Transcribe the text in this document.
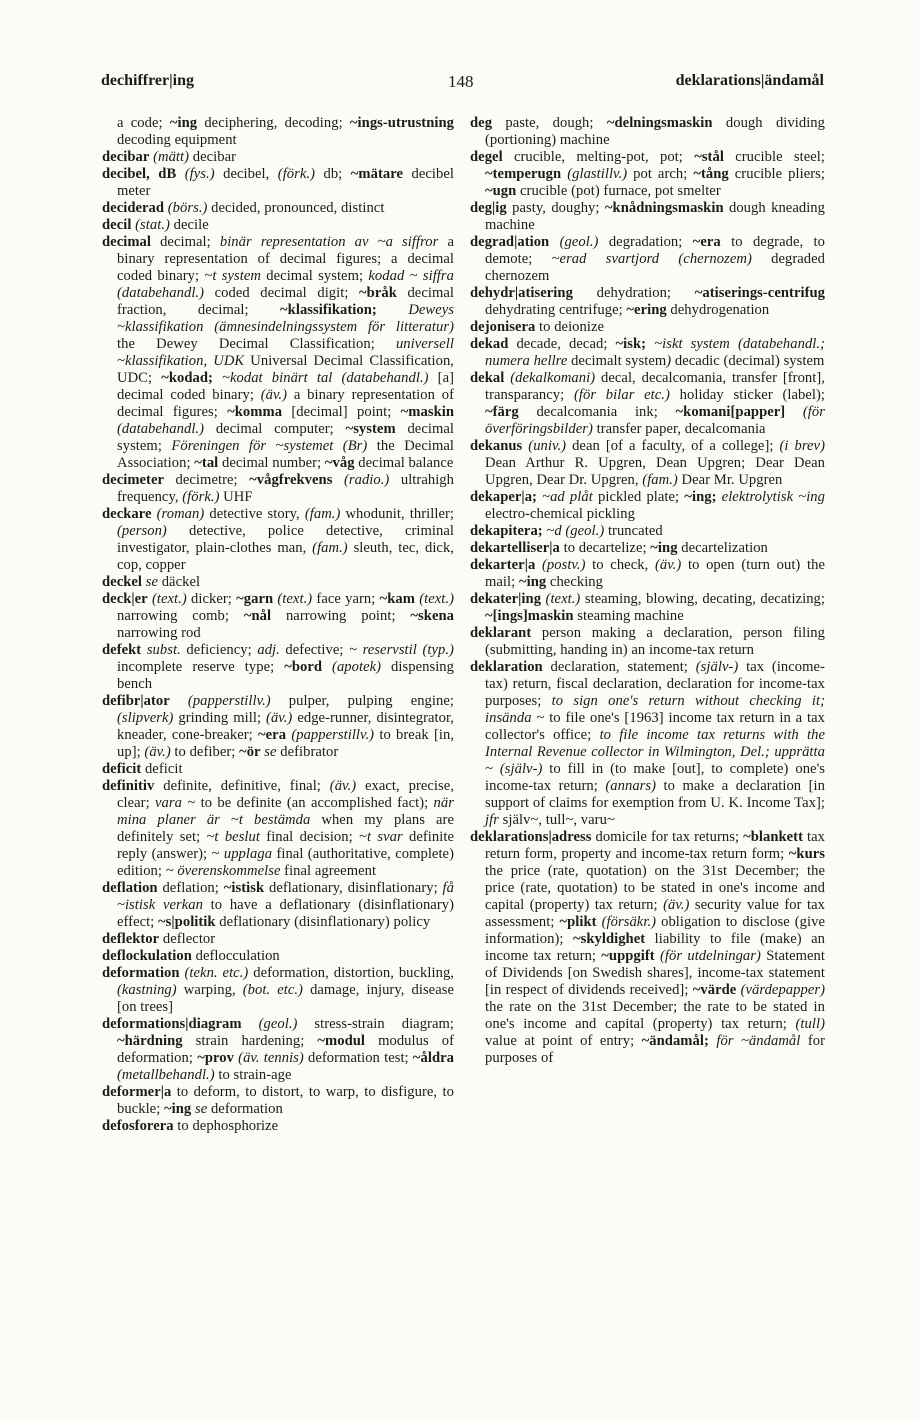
dechiffrer|ing	148	deklarations|ändamål

a code; ~ing deciphering, decoding; ~ings-utrustning decoding equipment

decibar (mätt) decibar

decibel, dB (fys.) decibel, (förk.) db; ~mätare decibel meter

deciderad (börs.) decided, pronounced, distinct

decil (stat.) decile

decimal decimal; binär representation av ~a siffror a binary representation of decimal figures; a decimal coded binary; ~t system decimal system; kodad ~ siffra (databehandl.) coded decimal digit; ~bråk decimal fraction, decimal; ~klassifikation; Deweys ~klassifikation (ämnesindelningssystem för litteratur) the Dewey Decimal Classification; universell ~klassifikation, UDK Universal Decimal Classification, UDC; ~kodad; ~kodat binärt tal (databehandl.) [a] decimal coded binary; (äv.) a binary representation of decimal figures; ~komma [decimal] point; ~maskin (databehandl.) decimal computer; ~system decimal system; Föreningen för ~systemet (Br) the Decimal Association; ~tal decimal number; ~våg decimal balance

decimeter decimetre; ~vågfrekvens (radio.) ultrahigh frequency, (förk.) UHF

deckare (roman) detective story, (fam.) whodunit, thriller; (person) detective, police detective, criminal investigator, plain-clothes man, (fam.) sleuth, tec, dick, cop, copper

deckel se däckel

deck|er (text.) dicker; ~garn (text.) face yarn; ~kam (text.) narrowing comb; ~nål narrowing point; ~skena narrowing rod

defekt subst. deficiency; adj. defective; ~ reservstil (typ.) incomplete reserve type; ~bord (apotek) dispensing bench

defibr|ator (papperstillv.) pulper, pulping engine; (slipverk) grinding mill; (äv.) edge-runner, disintegrator, kneader, cone-breaker; ~era (papperstillv.) to break [in, up]; (äv.) to defiber; ~ör se defibrator

deficit deficit

definitiv definite, definitive, final; (äv.) exact, precise, clear; vara ~ to be definite (an accomplished fact); när mina planer är ~t bestämda when my plans are definitely set; ~t beslut final decision; ~t svar definite reply (answer); ~ upplaga final (authoritative, complete) edition; ~ överenskommelse final agreement

deflation deflation; ~istisk deflationary, disinflationary; få ~istisk verkan to have a deflationary (disinflationary) effect; ~s|politik deflationary (disinflationary) policy

deflektor deflector

deflockulation deflocculation

deformation (tekn. etc.) deformation, distortion, buckling, (kastning) warping, (bot. etc.) damage, injury, disease [on trees]

deformations|diagram (geol.) stress-strain diagram; ~härdning strain hardening; ~modul modulus of deformation; ~prov (äv. tennis) deformation test; ~åldra (metallbehandl.) to strain-age

deformer|a to deform, to distort, to warp, to disfigure, to buckle; ~ing se deformation

defosforera to dephosphorize

deg paste, dough; ~delningsmaskin dough dividing (portioning) machine

degel crucible, melting-pot, pot; ~stål crucible steel; ~temperugn (glastillv.) pot arch; ~tång crucible pliers; ~ugn crucible (pot) furnace, pot smelter

deg|ig pasty, doughy; ~knådningsmaskin dough kneading machine

degrad|ation (geol.) degradation; ~era to degrade, to demote; ~erad svartjord (chernozem) degraded chernozem

dehydr|atisering dehydration; ~atiserings-centrifug dehydrating centrifuge; ~ering dehydrogenation

dejonisera to deionize

dekad decade, decad; ~isk; ~iskt system (databehandl.; numera hellre decimalt system) decadic (decimal) system

dekal (dekalkomani) decal, decalcomania, transfer [front], transparancy; (för bilar etc.) holiday sticker (label); ~färg decalcomania ink; ~komani[papper] (för överföringsbilder) transfer paper, decalcomania

dekanus (univ.) dean [of a faculty, of a college]; (i brev) Dean Arthur R. Upgren, Dean Upgren; Dear Dean Upgren, Dear Dr. Upgren, (fam.) Dear Mr. Upgren

dekaper|a; ~ad plåt pickled plate; ~ing; elektrolytisk ~ing electro-chemical pickling

dekapitera; ~d (geol.) truncated

dekartelliser|a to decartelize; ~ing decartelization

dekarter|a (postv.) to check, (äv.) to open (turn out) the mail; ~ing checking

dekater|ing (text.) steaming, blowing, decating, decatizing; ~[ings]maskin steaming machine

deklarant person making a declaration, person filing (submitting, handing in) an income-tax return

deklaration declaration, statement; (själv-) tax (income-tax) return, fiscal declaration, declaration for income-tax purposes; to sign one's return without checking it; insända ~ to file one's [1963] income tax return in a tax collector's office; to file income tax returns with the Internal Revenue collector in Wilmington, Del.; upprätta ~ (själv-) to fill in (to make [out], to complete) one's income-tax return; (annars) to make a declaration [in support of claims for exemption from U. K. Income Tax]; jfr själv~, tull~, varu~

deklarations|adress domicile for tax returns; ~blankett tax return form, property and income-tax return form; ~kurs the price (rate, quotation) on the 31st December; the price (rate, quotation) to be stated in one's income and capital (property) tax return; (äv.) security value for tax assessment; ~plikt (försäkr.) obligation to disclose (give information); ~skyldighet liability to file (make) an income tax return; ~uppgift (för utdelningar) Statement of Dividends [on Swedish shares], income-tax statement [in respect of dividends received]; ~värde (värdepapper) the rate on the 31st December; the rate to be stated in one's income and capital (property) tax return; (tull) value at point of entry; ~ändamål; för ~ändamål for purposes of
